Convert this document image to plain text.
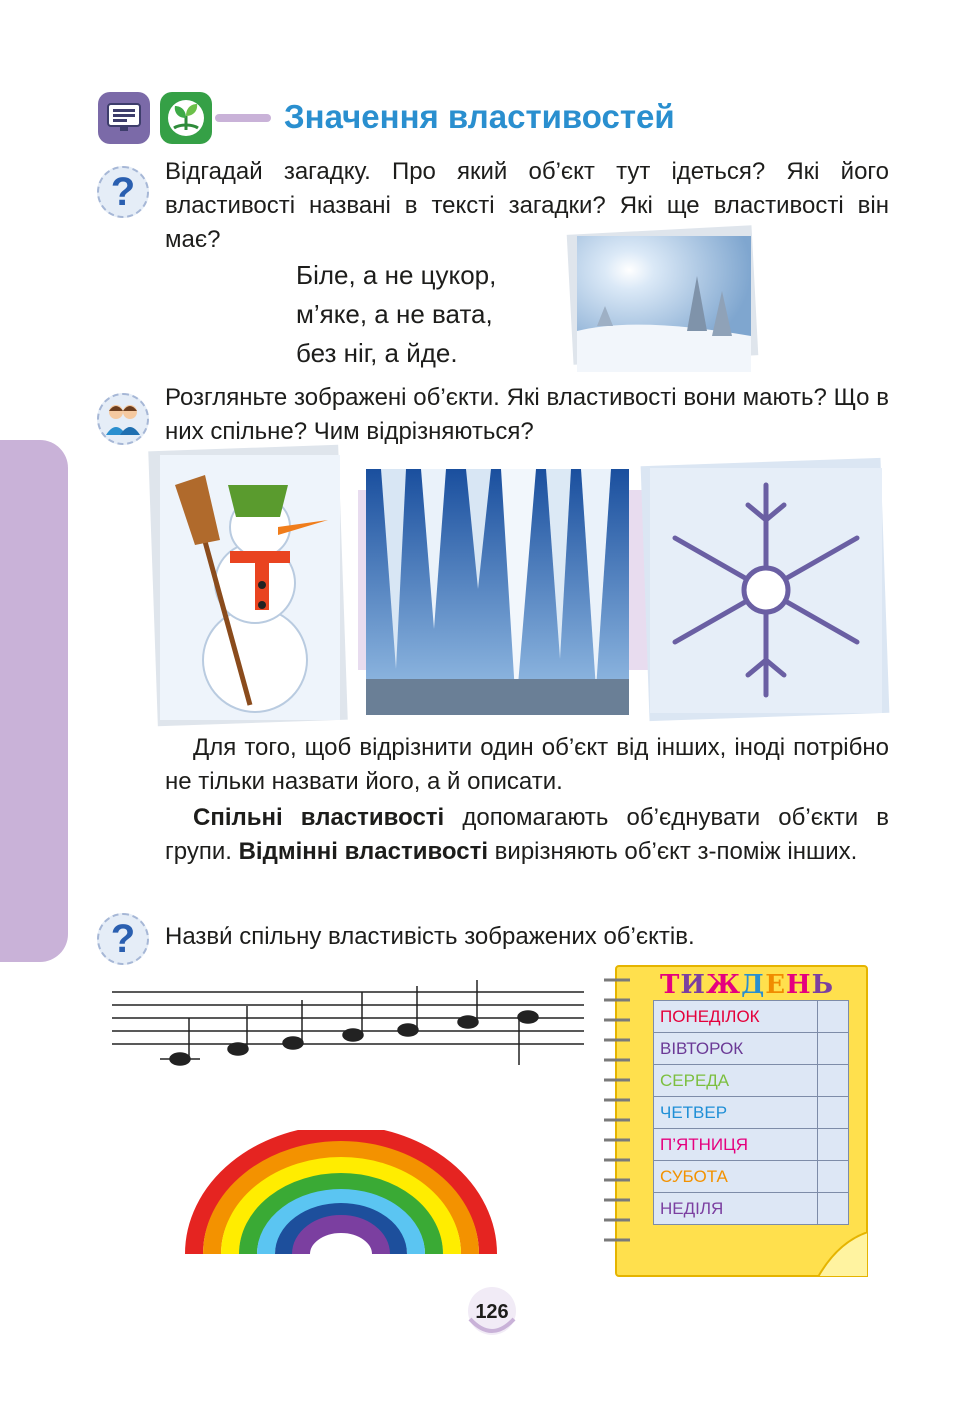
Значення властивостей
?	Відгадай загадку. Про який об’єкт тут ідеться? Які його властивості названі в тексті загадки? Які ще властивості він має?
Біле, а не цукор,
м’яке, а не вата,
без ніг, а йде.
Розгляньте зображені об’єкти. Які властивості вони мають? Що в них спільне? Чим відрізняються?
Для того, щоб відрізнити один об’єкт від інших, іноді потрібно не тільки назвати його, а й описати.
Спільні властивості допомагають об’єднувати об’єкти в групи. Відмінні властивості вирізняють об’єкт з-поміж інших.
?	Назви́ спільну властивість зображених об’єктів.
ТИЖДЕНЬ
ПОНЕДІЛОК	
ВІВТОРОК	
СЕРЕДА	
ЧЕТВЕР	
П’ЯТНИЦЯ	
СУБОТА	
НЕДІЛЯ	
126
